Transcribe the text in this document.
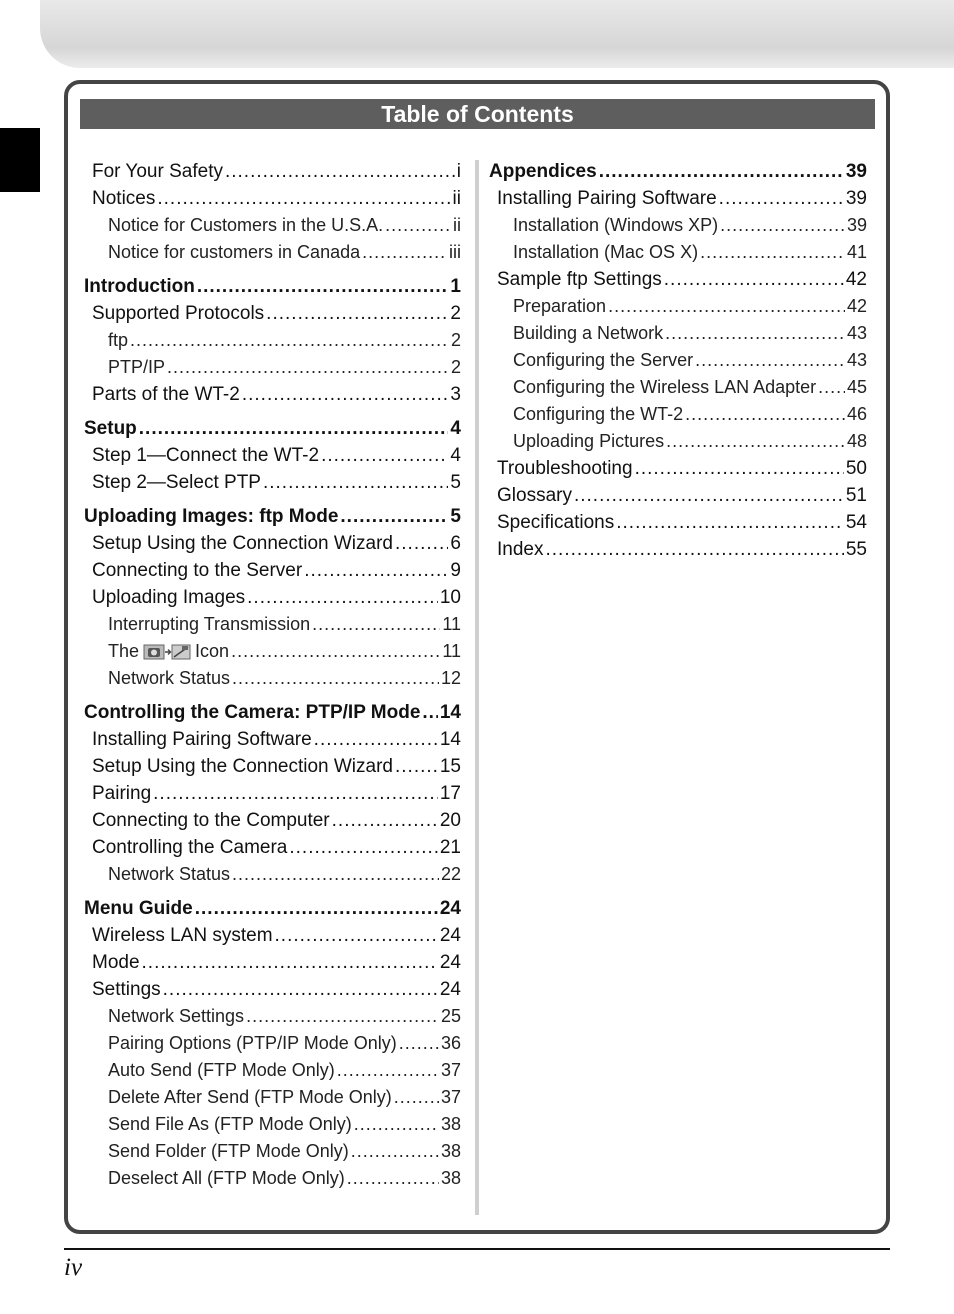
Table of Contents
For Your Safety .....	i
Notices .....	ii
Notice for Customers in the U.S.A. .....	ii
Notice for customers in Canada .....	iii
Introduction .....	1
Supported Protocols .....	2
ftp .....	2
PTP/IP .....	2
Parts of the WT-2 .....	3
Setup .....	4
Step 1—Connect the WT-2 .....	4
Step 2—Select PTP .....	5
Uploading Images: ftp Mode .....	5
Setup Using the Connection Wizard .....	6
Connecting to the Server .....	9
Uploading Images .....	10
Interrupting Transmission .....	11
The	Icon .....	11
Network Status .....	12
Controlling the Camera: PTP/IP Mode ..... 14
Installing Pairing Software .....	14
Setup Using the Connection Wizard ..... 15
Pairing .....	17
Connecting to the Computer .....	20
Controlling the Camera .....	21
Network Status .....	22
Menu Guide .....	24
Wireless LAN system .....	24
Mode .....	24
Settings .....	24
Network Settings .....	25
Pairing Options (PTP/IP Mode Only) ..... 36
Auto Send (FTP Mode Only) .....	37
Delete After Send (FTP Mode Only) .....	37
Send File As (FTP Mode Only) .....	38
Send Folder (FTP Mode Only) .....	38
Deselect All (FTP Mode Only) .....	38
Appendices .....	39
Installing Pairing Software .....	39
Installation (Windows XP) .....	39
Installation (Mac OS X) .....	41
Sample ftp Settings .....	42
Preparation .....	42
Building a Network .....	43
Configuring the Server .....	43
Configuring the Wireless LAN Adapter ..... 45
Configuring the WT-2 .....	46
Uploading Pictures .....	48
Troubleshooting .....	50
Glossary .....	51
Specifications .....	54
Index .....	55
iv
